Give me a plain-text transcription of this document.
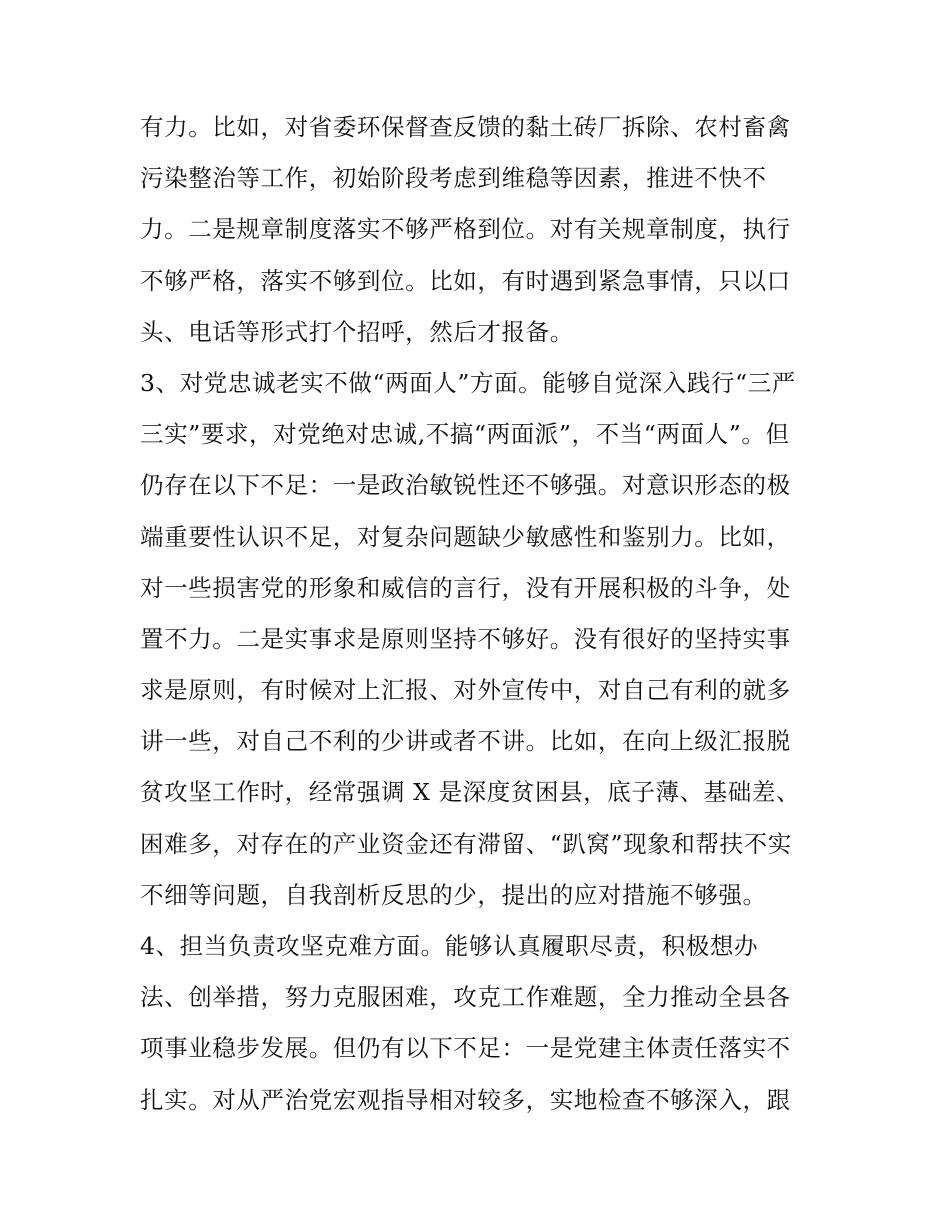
有力。比如，对省委环保督查反馈的黏土砖厂拆除、农村畜禽
污染整治等工作，初始阶段考虑到维稳等因素，推进不快不
力。二是规章制度落实不够严格到位。对有关规章制度，执行
不够严格，落实不够到位。比如，有时遇到紧急事情，只以口
头、电话等形式打个招呼，然后才报备。
3、对党忠诚老实不做“两面人”方面。能够自觉深入践行“三严
三实”要求，对党绝对忠诚,不搞“两面派”，不当“两面人”。但
仍存在以下不足：一是政治敏锐性还不够强。对意识形态的极
端重要性认识不足，对复杂问题缺少敏感性和鉴别力。比如，
对一些损害党的形象和威信的言行，没有开展积极的斗争，处
置不力。二是实事求是原则坚持不够好。没有很好的坚持实事
求是原则，有时候对上汇报、对外宣传中，对自己有利的就多
讲一些，对自己不利的少讲或者不讲。比如，在向上级汇报脱
贫攻坚工作时，经常强调 X 是深度贫困县，底子薄、基础差、
困难多，对存在的产业资金还有滞留、“趴窝”现象和帮扶不实
不细等问题，自我剖析反思的少，提出的应对措施不够强。
4、担当负责攻坚克难方面。能够认真履职尽责，积极想办
法、创举措，努力克服困难，攻克工作难题，全力推动全县各
项事业稳步发展。但仍有以下不足：一是党建主体责任落实不
扎实。对从严治党宏观指导相对较多，实地检查不够深入，跟
